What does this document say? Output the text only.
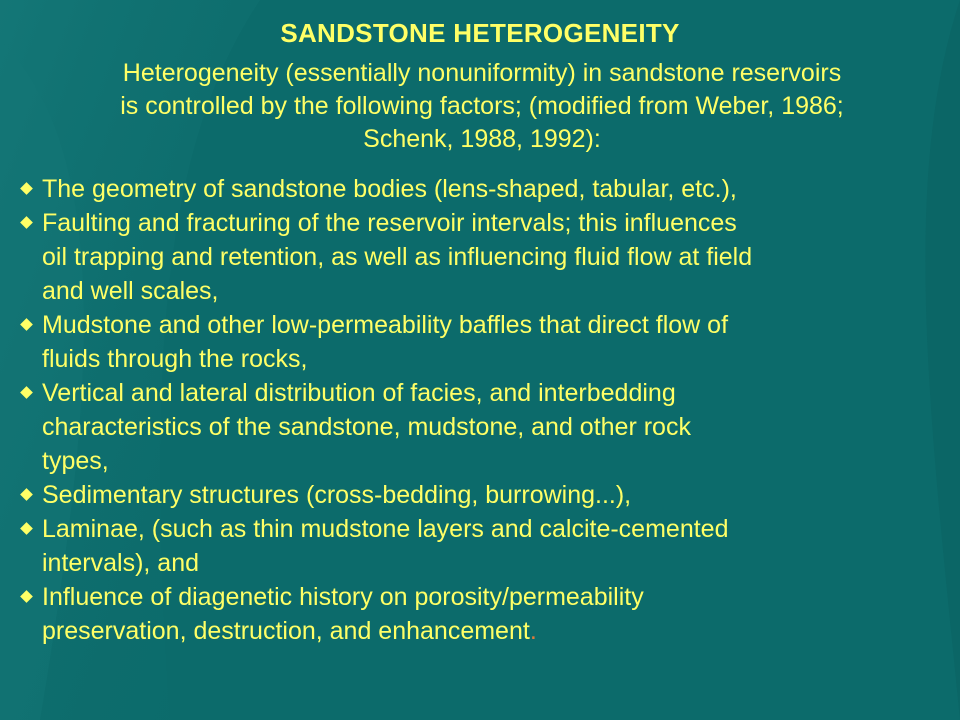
SANDSTONE HETEROGENEITY
Heterogeneity (essentially nonuniformity) in sandstone reservoirs
is controlled by the following factors; (modified from Weber, 1986;
Schenk, 1988, 1992):
The geometry of sandstone bodies (lens-shaped, tabular, etc.),
Faulting and fracturing of the reservoir intervals; this influences
oil trapping and retention, as well as influencing fluid flow at field
and well scales,
Mudstone and other low-permeability baffles that direct flow of
fluids through the rocks,
Vertical and lateral distribution of facies, and interbedding
characteristics of the sandstone, mudstone, and other rock
types,
Sedimentary structures (cross-bedding, burrowing...),
Laminae, (such as thin mudstone layers and calcite-cemented
intervals), and
Influence of diagenetic history on porosity/permeability
preservation, destruction, and enhancement.
